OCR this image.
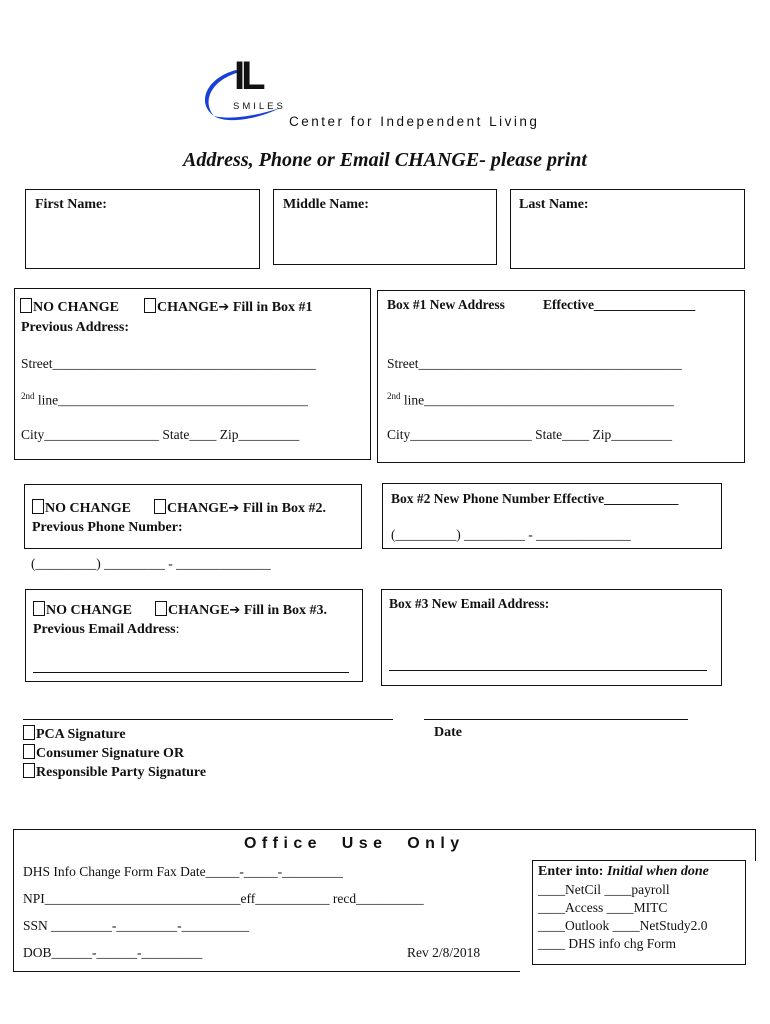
IL
SMILES
Center for Independent Living
Address, Phone or Email CHANGE- please print
First Name:	Middle Name:	Last Name:
NO CHANGE	CHANGE➔ Fill in Box #1
Previous Address:
Street_______________________________________
$^{2nd}$ line_____________________________________
City_________________ State____ Zip_________
Box #1 New Address	Effective_______________
Street_______________________________________
$^{2nd}$ line_____________________________________
City__________________ State____ Zip_________
NO CHANGE	CHANGE➔ Fill in Box #2.
Previous Phone Number:
(_________) _________ - ______________
Box #2 New Phone Number Effective___________
(_________) _________ - ______________
NO CHANGE	CHANGE➔ Fill in Box #3.
Previous Email Address:
Box #3 New Email Address:
PCA Signature
Consumer Signature OR
Responsible Party Signature
Date
O f f i c e     U s e     O n l y
DHS Info Change Form Fax Date_____-_____-_________
NPI_____________________________eff___________ recd__________
SSN _________-_________-__________
DOB______-______-_________	Rev 2/8/2018
Enter into: Initial when done
____NetCil ____payroll
____Access ____MITC
____Outlook ____NetStudy2.0
____ DHS info chg Form
